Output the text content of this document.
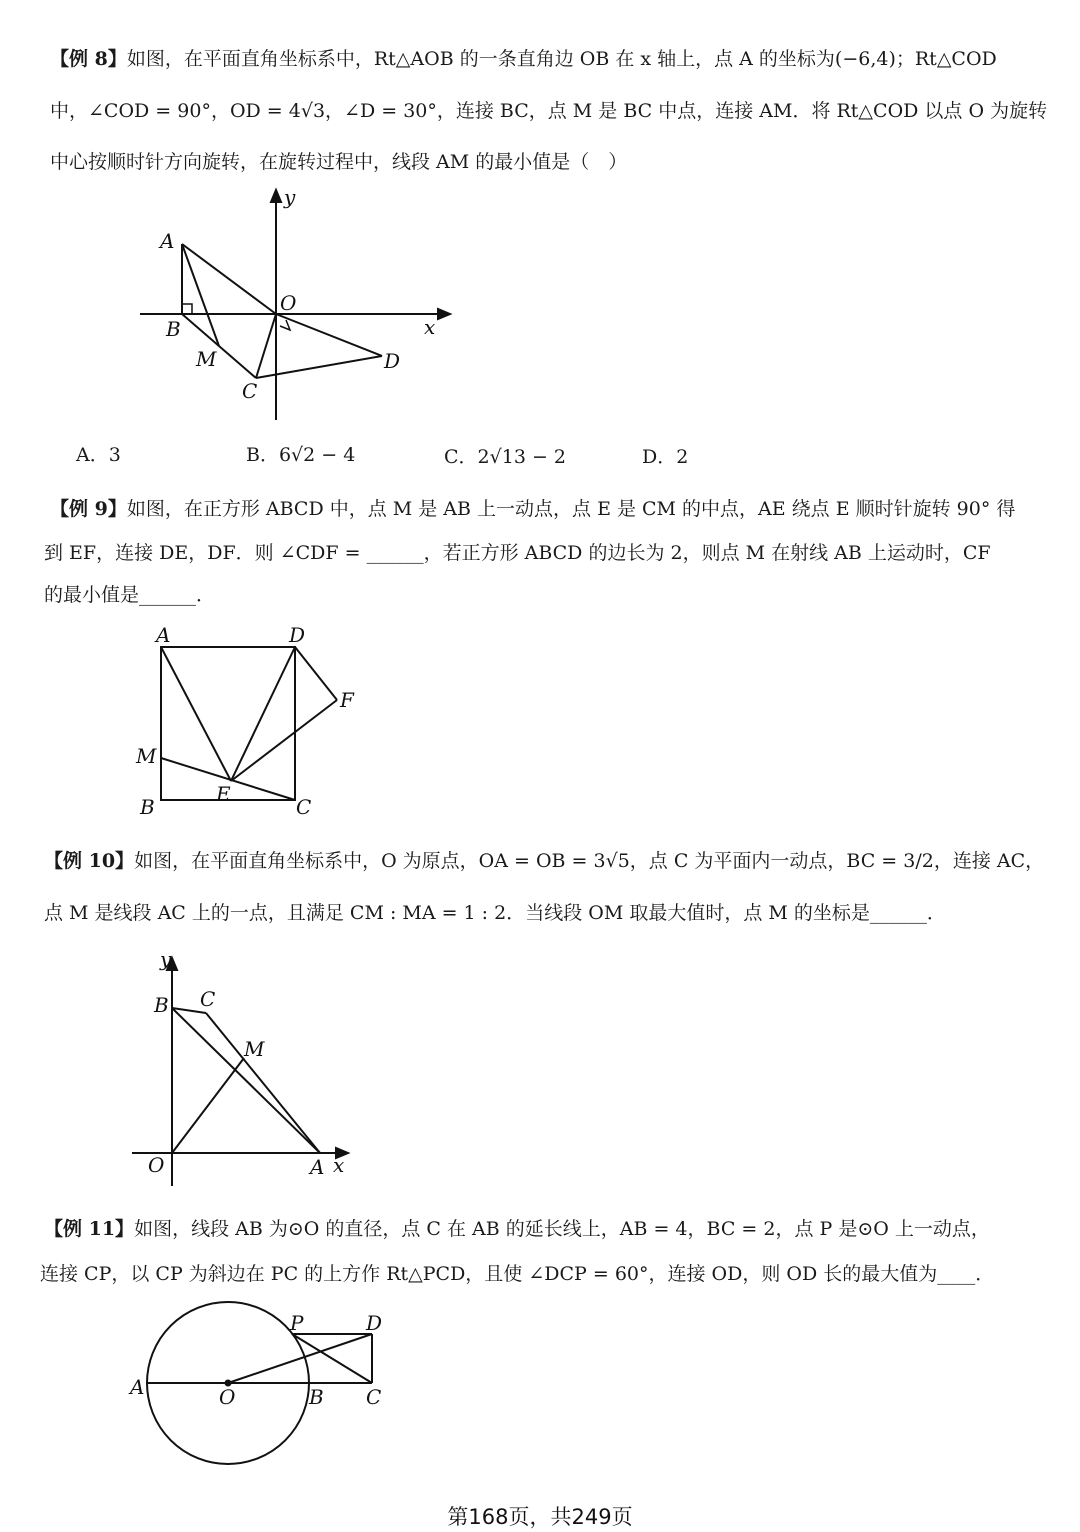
【例 8】如图，在平面直角坐标系中，Rt△AOB 的一条直角边 OB 在 x 轴上，点 A 的坐标为(−6,4)；Rt△COD
中，∠COD = 90°，OD = 4√3，∠D = 30°，连接 BC，点 M 是 BC 中点，连接 AM．将 Rt△COD 以点 O 为旋转
中心按顺时针方向旋转，在旋转过程中，线段 AM 的最小值是（　）
A
B
O
M
C
D
x
y
A．3	B．6√2 − 4	C．2√13 − 2	D．2
【例 9】如图，在正方形 ABCD 中，点 M 是 AB 上一动点，点 E 是 CM 的中点，AE 绕点 E 顺时针旋转 90° 得
到 EF，连接 DE，DF．则 ∠CDF = ______，若正方形 ABCD 的边长为 2，则点 M 在射线 AB 上运动时，CF
的最小值是______．
A	D
F
M
B
E
C
【例 10】如图，在平面直角坐标系中，O 为原点，OA = OB = 3√5，点 C 为平面内一动点，BC = 3/2，连接 AC，
点 M 是线段 AC 上的一点，且满足 CM : MA = 1 : 2．当线段 OM 取最大值时，点 M 的坐标是______．
y
B C
M
O	A x
【例 11】如图，线段 AB 为⊙O 的直径，点 C 在 AB 的延长线上，AB = 4，BC = 2，点 P 是⊙O 上一动点，
连接 CP，以 CP 为斜边在 PC 的上方作 Rt△PCD，且使 ∠DCP = 60°，连接 OD，则 OD 长的最大值为____．
A	O	B C
P	D
第168页，共249页
